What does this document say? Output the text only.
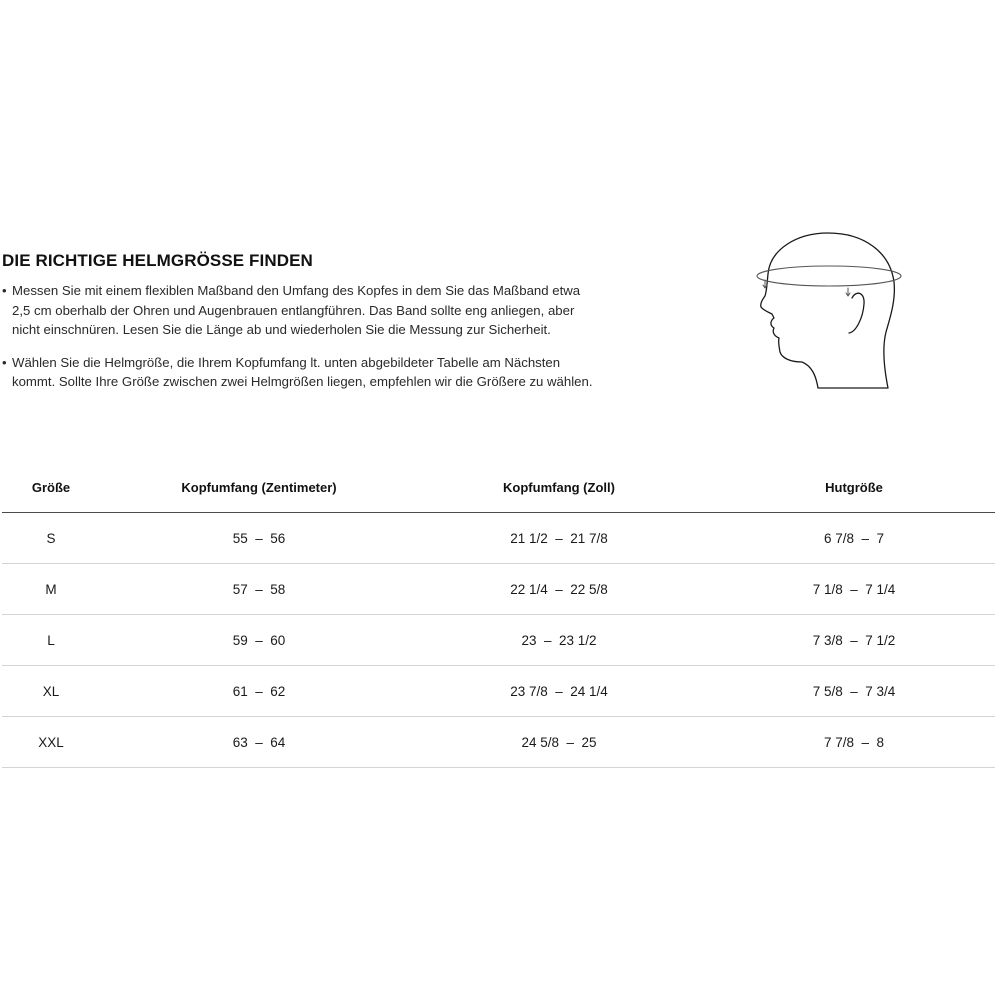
DIE RICHTIGE HELMGRÖSSE FINDEN
• Messen Sie mit einem flexiblen Maßband den Umfang des Kopfes in dem Sie das Maßband etwa 2,5 cm oberhalb der Ohren und Augenbrauen entlangführen. Das Band sollte eng anliegen, aber nicht einschnüren. Lesen Sie die Länge ab und wiederholen Sie die Messung zur Sicherheit.
• Wählen Sie die Helmgröße, die Ihrem Kopfumfang lt. unten abgebildeter Tabelle am Nächsten kommt. Sollte Ihre Größe zwischen zwei Helmgrößen liegen, empfehlen wir die Größere zu wählen.
Größe	Kopfumfang (Zentimeter)	Kopfumfang (Zoll)	Hutgröße
S	55  –  56	21 1/2  –  21 7/8	6 7/8  –  7
M	57  –  58	22 1/4  –  22 5/8	7 1/8  –  7 1/4
L	59  –  60	23  –  23 1/2	7 3/8  –  7 1/2
XL	61  –  62	23 7/8  –  24 1/4	7 5/8  –  7 3/4
XXL	63  –  64	24 5/8  –  25	7 7/8  –  8
